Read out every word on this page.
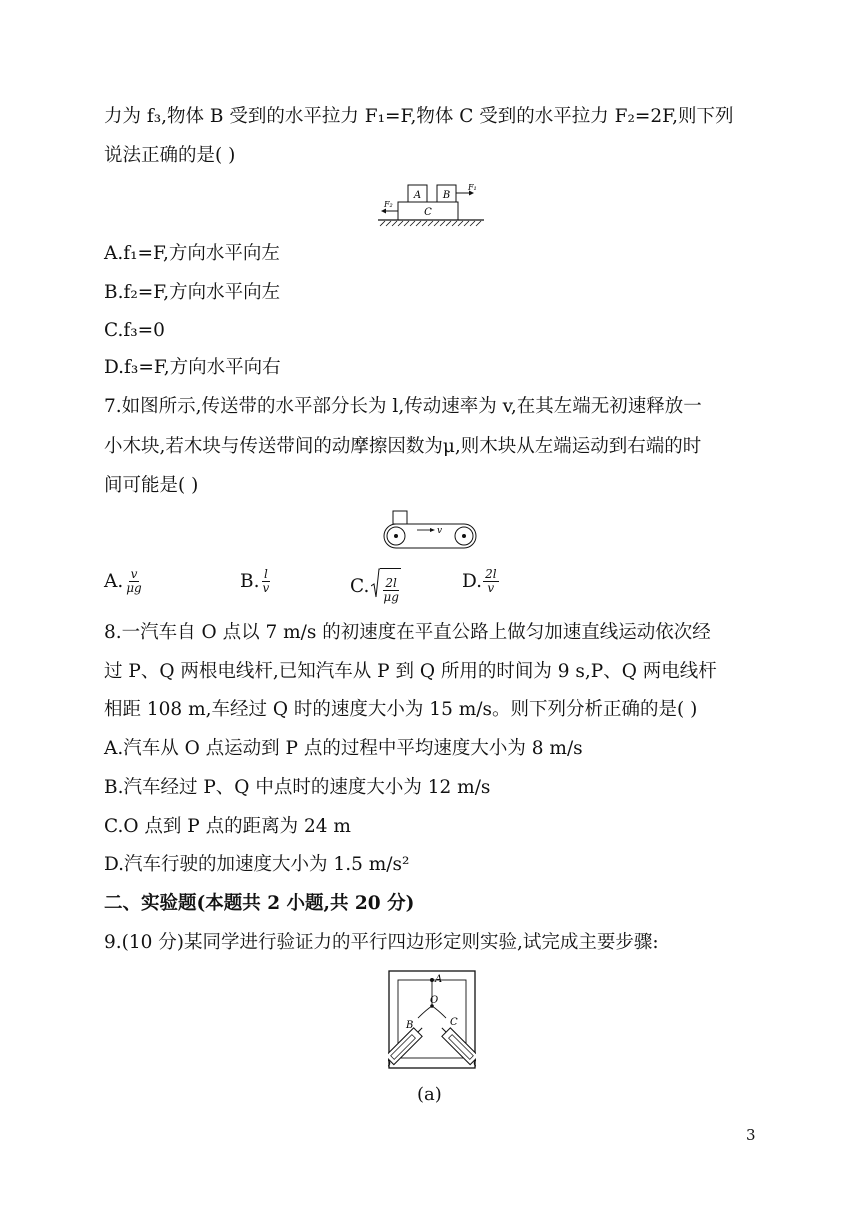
力为 f₃,物体 B 受到的水平拉力 F₁=F,物体 C 受到的水平拉力 F₂=2F,则下列
说法正确的是( )
A B
C
F₁
F₂
A.f₁=F,方向水平向左
B.f₂=F,方向水平向左
C.f₃=0
D.f₃=F,方向水平向右
7.如图所示,传送带的水平部分长为 l,传动速率为 v,在其左端无初速释放一
小木块,若木块与传送带间的动摩擦因数为μ,则木块从左端运动到右端的时
间可能是( )
v
A. $\frac{v}{\mu g}$	B. $\frac{l}{v}$	C. $\frac{2l}{\mu g}$	D. $\frac{2l}{v}$
8.一汽车自 O 点以 7 m/s 的初速度在平直公路上做匀加速直线运动依次经
过 P、Q 两根电线杆,已知汽车从 P 到 Q 所用的时间为 9 s,P、Q 两电线杆
相距 108 m,车经过 Q 时的速度大小为 15 m/s。则下列分析正确的是( )
A.汽车从 O 点运动到 P 点的过程中平均速度大小为 8 m/s
B.汽车经过 P、Q 中点时的速度大小为 12 m/s
C.O 点到 P 点的距离为 24 m
D.汽车行驶的加速度大小为 1.5 m/s²
二、实验题(本题共 2 小题,共 20 分)
9.(10 分)某同学进行验证力的平行四边形定则实验,试完成主要步骤:
A
O
B	C
(a)
3
